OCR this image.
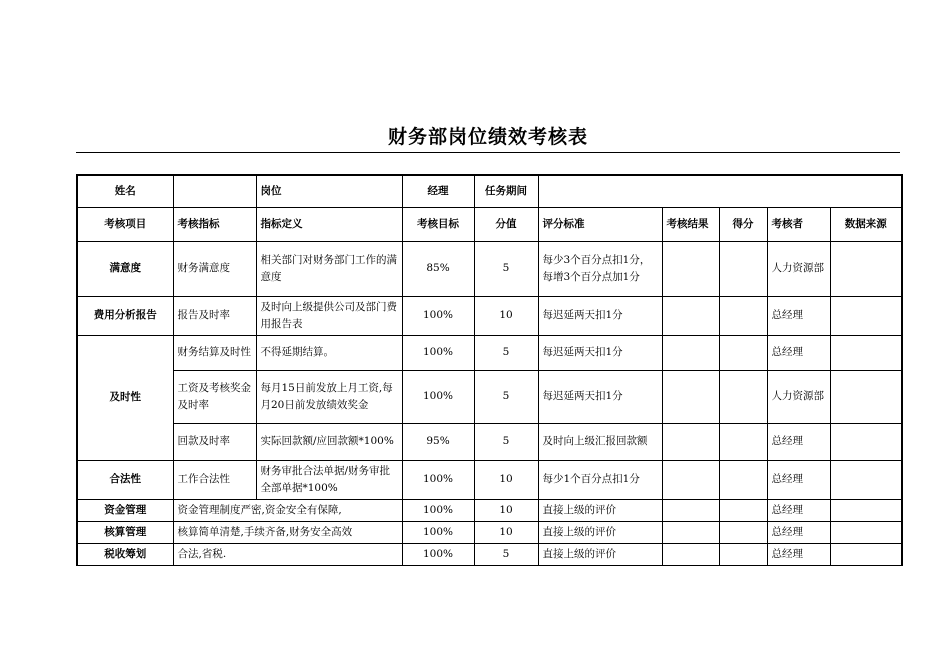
财务部岗位绩效考核表
姓名		岗位	经理	任务期间					
考核项目	考核指标	指标定义	考核目标	分值	评分标准	考核结果	得分	考核者	数据来源
满意度	财务满意度	相关部门对财务部门工作的满意度	85%	5	每少3个百分点扣1分，每增3个百分点加1分			人力资源部	
费用分析报告	报告及时率	及时向上级提供公司及部门费用报告表	100%	10	每迟延两天扣1分			总经理	
及时性	财务结算及时性	不得延期结算。	100%	5	每迟延两天扣1分			总经理	
	工资及考核奖金及时率	每月15日前发放上月工资,每月20日前发放绩效奖金	100%	5	每迟延两天扣1分			人力资源部	
	回款及时率	实际回款额/应回款额*100%	95%	5	及时向上级汇报回款额			总经理	
合法性	工作合法性	财务审批合法单据/财务审批全部单据*100%	100%	10	每少1个百分点扣1分			总经理	
资金管理	资金管理制度严密,资金安全有保障,		100%	10	直接上级的评价			总经理	
核算管理	核算简单清楚,手续齐备,财务安全高效		100%	10	直接上级的评价			总经理	
税收筹划	合法,省税.		100%	5	直接上级的评价			总经理	
